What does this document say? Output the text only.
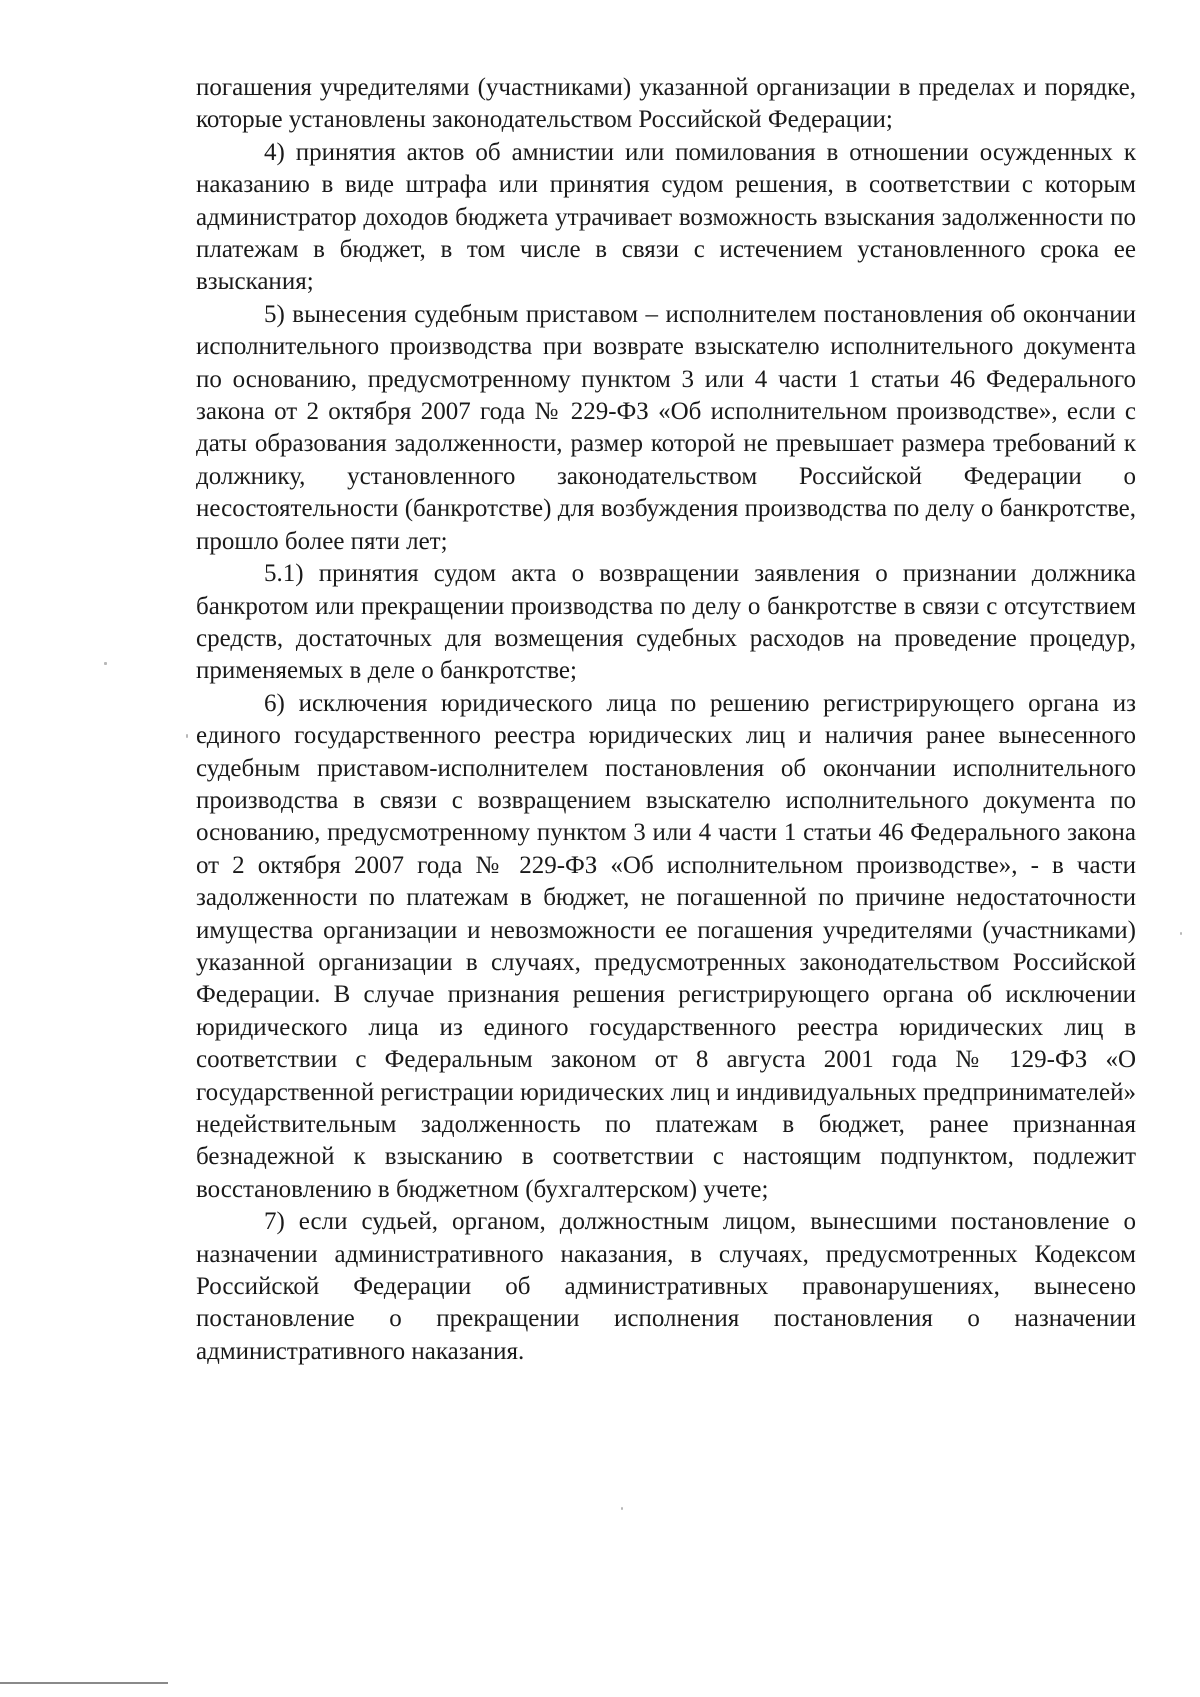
погашения учредителями (участниками) указанной организации в пределах и порядке, которые установлены законодательством Российской Федерации;

4) принятия актов об амнистии или помилования в отношении осужденных к наказанию в виде штрафа или принятия судом решения, в соответствии с которым администратор доходов бюджета утрачивает возможность взыскания задолженности по платежам в бюджет, в том числе в связи с истечением установленного срока ее взыскания;

5) вынесения судебным приставом – исполнителем постановления об окончании исполнительного производства при возврате взыскателю исполнительного документа по основанию, предусмотренному пунктом 3 или 4 части 1 статьи 46 Федерального закона от 2 октября 2007 года № 229-ФЗ «Об исполнительном производстве», если с даты образования задолженности, размер которой не превышает размера требований к должнику, установленного законодательством Российской Федерации о несостоятельности (банкротстве) для возбуждения производства по делу о банкротстве, прошло более пяти лет;

5.1) принятия судом акта о возвращении заявления о признании должника банкротом или прекращении производства по делу о банкротстве в связи с отсутствием средств, достаточных для возмещения судебных расходов на проведение процедур, применяемых в деле о банкротстве;

6) исключения юридического лица по решению регистрирующего органа из единого государственного реестра юридических лиц и наличия ранее вынесенного судебным приставом-исполнителем постановления об окончании исполнительного производства в связи с возвращением взыскателю исполнительного документа по основанию, предусмотренному пунктом 3 или 4 части 1 статьи 46 Федерального закона от 2 октября 2007 года № 229-ФЗ «Об исполнительном производстве», - в части задолженности по платежам в бюджет, не погашенной по причине недостаточности имущества организации и невозможности ее погашения учредителями (участниками) указанной организации в случаях, предусмотренных законодательством Российской Федерации. В случае признания решения регистрирующего органа об исключении юридического лица из единого государственного реестра юридических лиц в соответствии с Федеральным законом от 8 августа 2001 года № 129-ФЗ «О государственной регистрации юридических лиц и индивидуальных предпринимателей» недействительным задолженность по платежам в бюджет, ранее признанная безнадежной к взысканию в соответствии с настоящим подпунктом, подлежит восстановлению в бюджетном (бухгалтерском) учете;

7) если судьей, органом, должностным лицом, вынесшими постановление о назначении административного наказания, в случаях, предусмотренных Кодексом Российской Федерации об административных правонарушениях, вынесено постановление о прекращении исполнения постановления о назначении административного наказания.
